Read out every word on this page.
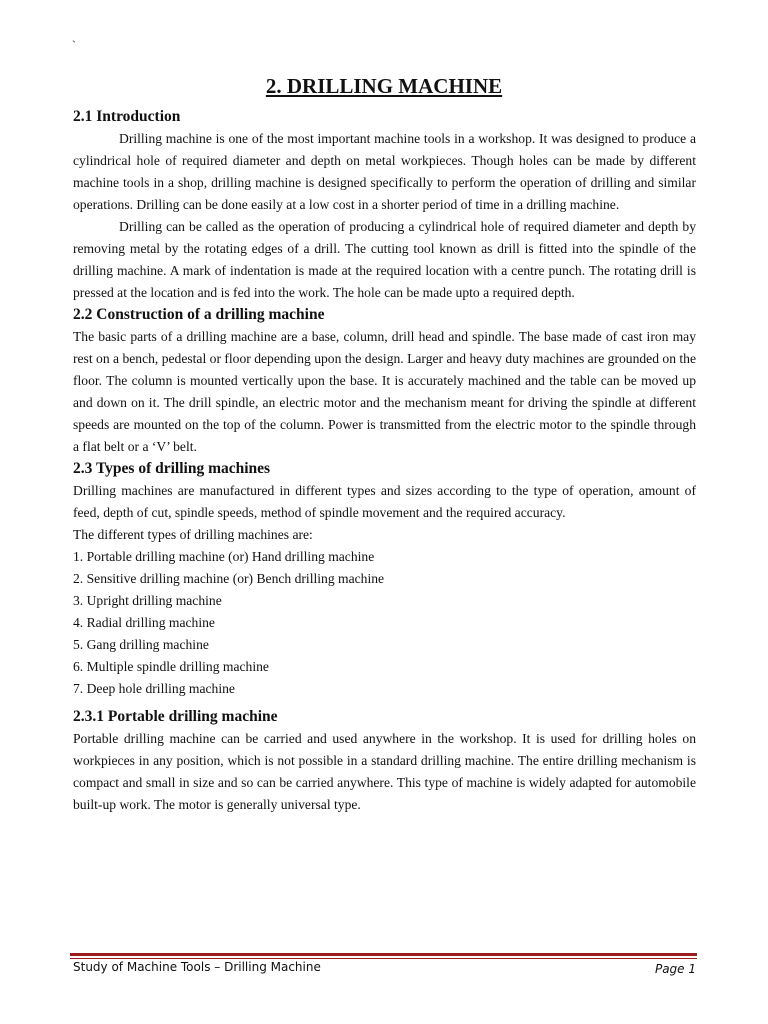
`
2. DRILLING MACHINE
2.1 Introduction

Drilling machine is one of the most important machine tools in a workshop. It was designed to produce a cylindrical hole of required diameter and depth on metal workpieces. Though holes can be made by different machine tools in a shop, drilling machine is designed specifically to perform the operation of drilling and similar operations. Drilling can be done easily at a low cost in a shorter period of time in a drilling machine.

Drilling can be called as the operation of producing a cylindrical hole of required diameter and depth by removing metal by the rotating edges of a drill. The cutting tool known as drill is fitted into the spindle of the drilling machine. A mark of indentation is made at the required location with a centre punch. The rotating drill is pressed at the location and is fed into the work. The hole can be made upto a required depth.

2.2 Construction of a drilling machine

The basic parts of a drilling machine are a base, column, drill head and spindle. The base made of cast iron may rest on a bench, pedestal or floor depending upon the design. Larger and heavy duty machines are grounded on the floor. The column is mounted vertically upon the base. It is accurately machined and the table can be moved up and down on it. The drill spindle, an electric motor and the mechanism meant for driving the spindle at different speeds are mounted on the top of the column. Power is transmitted from the electric motor to the spindle through a flat belt or a ‘V’ belt.

2.3 Types of drilling machines

Drilling machines are manufactured in different types and sizes according to the type of operation, amount of feed, depth of cut, spindle speeds, method of spindle movement and the required accuracy.

The different types of drilling machines are:

1. Portable drilling machine (or) Hand drilling machine
2. Sensitive drilling machine (or) Bench drilling machine
3. Upright drilling machine
4. Radial drilling machine
5. Gang drilling machine
6. Multiple spindle drilling machine
7. Deep hole drilling machine
2.3.1 Portable drilling machine

Portable drilling machine can be carried and used anywhere in the workshop. It is used for drilling holes on workpieces in any position, which is not possible in a standard drilling machine. The entire drilling mechanism is compact and small in size and so can be carried anywhere. This type of machine is widely adapted for automobile built-up work. The motor is generally universal type.

Study of Machine Tools – Drilling Machine	Page 1
